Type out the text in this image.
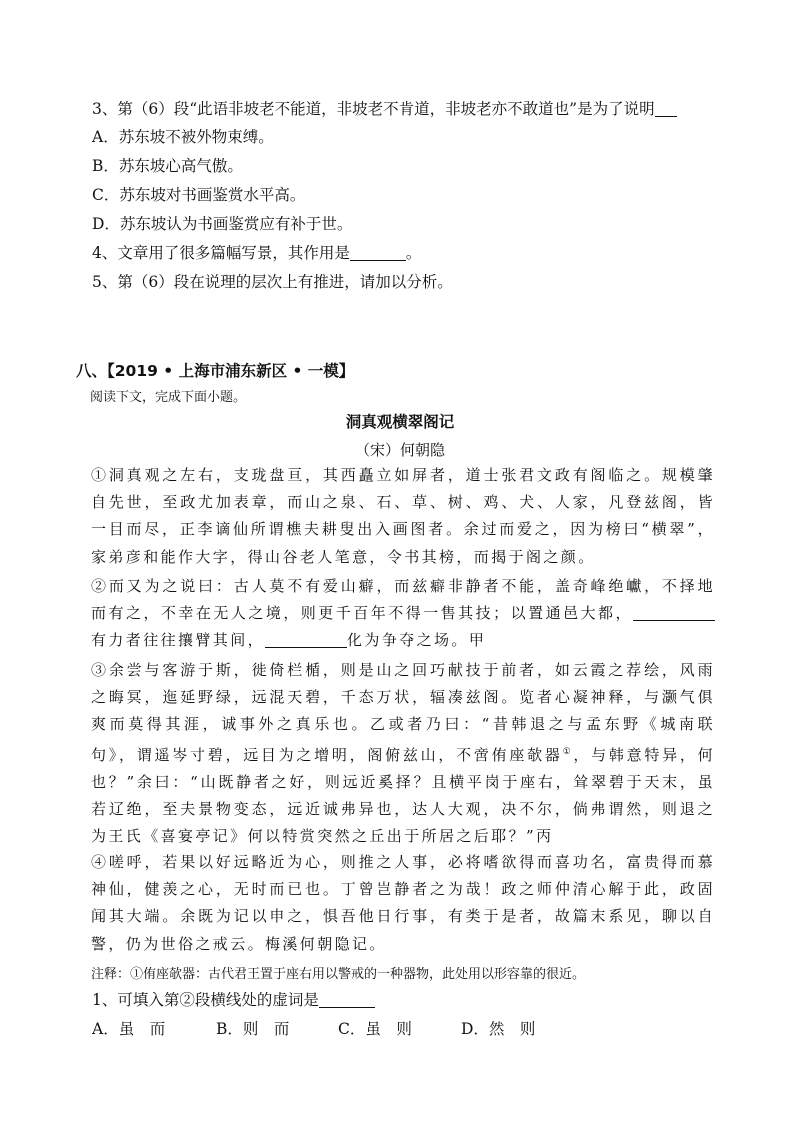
3、第（6）段“此语非坡老不能道，非坡老不肯道，非坡老亦不敢道也”是为了说明
A．苏东坡不被外物束缚。
B．苏东坡心高气傲。
C．苏东坡对书画鉴赏水平高。
D．苏东坡认为书画鉴赏应有补于世。
4、文章用了很多篇幅写景，其作用是	。
5、第（6）段在说理的层次上有推进，请加以分析。
八、【2019 • 上海市浦东新区 • 一模】
阅读下文，完成下面小题。
洞真观横翠阁记
（宋）何朝隐
①洞真观之左右，支珑盘亘，其西矗立如屏者，道士张君文政有阁临之。规模肇自先世，至政尤加表章，而山之泉、石、草、树、鸡、犬、人家，凡登兹阁，皆一目而尽，正李谪仙所谓樵夫耕叟出入画图者。余过而爱之，因为榜曰“横翠”，家弟彦和能作大字，得山谷老人笔意，令书其榜，而揭于阁之颜。
②而又为之说曰：古人莫不有爱山癖，而兹癖非静者不能，盖奇峰绝巘，不择地而有之，不幸在无人之境，则更千百年不得一售其技；以置通邑大都，有力者往往攘臂其间，	化为争夺之场。甲
③余尝与客游于斯，徙倚栏楯，则是山之回巧献技于前者，如云霞之荐绘，风雨之晦冥，迤延野绿，远混天碧，千态万状，辐凑兹阁。览者心凝神释，与灏气俱爽而莫得其涯，诚事外之真乐也。乙或者乃曰：“昔韩退之与孟东野《城南联句》，谓遥岑寸碧，远目为之增明，阁俯兹山，不啻侑座欹器①，与韩意特异，何也？”余曰：“山既静者之好，则远近奚择？且横平岗于座右，耸翠碧于天末，虽若辽绝，至夫景物变态，远近诚弗异也，达人大观，决不尔，倘弗谓然，则退之为王氏《喜宴亭记》何以特赏突然之丘出于所居之后耶？”丙
④嗟呼，若果以好远略近为心，则推之人事，必将嗜欲得而喜功名，富贵得而慕神仙，健羡之心，无时而已也。丁曾岂静者之为哉！政之师仲清心解于此，政固闻其大端。余既为记以申之，惧吾他日行事，有类于是者，故篇末系见，聊以自警，仍为世俗之戒云。梅溪何朝隐记。
注释：①侑座欹器：古代君王置于座右用以警戒的一种器物，此处用以形容靠的很近。
1、可填入第②段横线处的虚词是
A．虽　而	B．则　而	C．虽　则	D．然　则
